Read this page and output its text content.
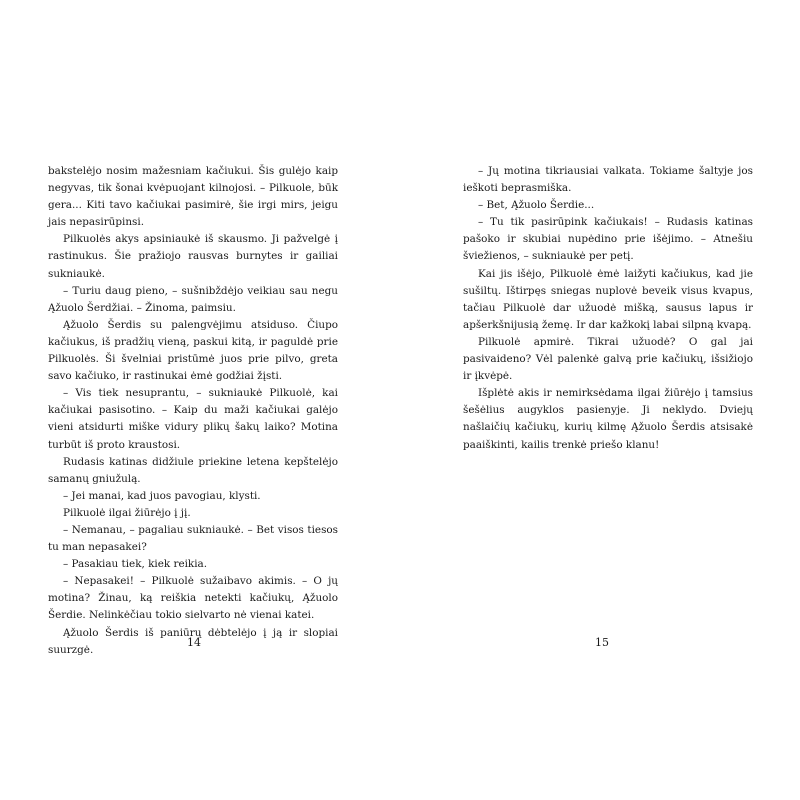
bakstelėjo nosim mažesniam kačiukui. Šis gulėjo kaip negyvas, tik šonai kvėpuojant kilnojosi. – Pilkuole, būk gera... Kiti tavo kačiukai pasimirė, šie irgi mirs, jeigu jais nepasirūpinsi.

Pilkuolės akys apsiniaukė iš skausmo. Ji pažvelgė į rastinukus. Šie pražiojo rausvas burnytes ir gailiai sukniaukė.

– Turiu daug pieno, – sušnibždėjo veikiau sau negu Ąžuolo Šerdžiai. – Žinoma, paimsiu.

Ąžuolo Šerdis su palengvėjimu atsiduso. Čiupo kačiukus, iš pradžių vieną, paskui kitą, ir paguldė prie Pilkuolės. Ši švelniai pristūmė juos prie pilvo, greta savo kačiuko, ir rastinukai ėmė godžiai žįsti.

– Vis tiek nesuprantu, – sukniaukė Pilkuolė, kai kačiukai pasisotino. – Kaip du maži kačiukai galėjo vieni atsidurti miške vidury plikų šakų laiko? Motina turbūt iš proto kraustosi.

Rudasis katinas didžiule priekine letena kepštelėjo samanų gniužulą.

– Jei manai, kad juos pavogiau, klysti.

Pilkuolė ilgai žiūrėjo į jį.

– Nemanau, – pagaliau sukniaukė. – Bet visos tiesos tu man nepasakei?

– Pasakiau tiek, kiek reikia.

– Nepasakei! – Pilkuolė sužaibavo akimis. – O jų motina? Žinau, ką reiškia netekti kačiukų, Ąžuolo Šerdie. Nelinkėčiau tokio sielvarto nė vienai katei.

Ąžuolo Šerdis iš paniūrų dėbtelėjo į ją ir slopiai suurzgė.

– Jų motina tikriausiai valkata. Tokiame šaltyje jos ieškoti beprasmiška.

– Bet, Ąžuolo Šerdie...

– Tu tik pasirūpink kačiukais! – Rudasis katinas pašoko ir skubiai nupėdino prie išėjimo. – Atnešiu šviežienos, – sukniaukė per petį.

Kai jis išėjo, Pilkuolė ėmė laižyti kačiukus, kad jie sušiltų. Ištirpęs sniegas nuplovė beveik visus kvapus, tačiau Pilkuolė dar užuodė mišką, sausus lapus ir apšerkšnijusią žemę. Ir dar kažkokį labai silpną kvapą.

Pilkuolė apmirė. Tikrai užuodė? O gal jai pasivaideno? Vėl palenkė galvą prie kačiukų, išsižiojo ir įkvėpė.

Išplėtė akis ir nemirksėdama ilgai žiūrėjo į tamsius šešėlius augyklos pasienyje. Ji neklydo. Dviejų našlaičių kačiukų, kurių kilmę Ąžuolo Šerdis atsisakė paaiškinti, kailis trenkė priešo klanu!

14	15
